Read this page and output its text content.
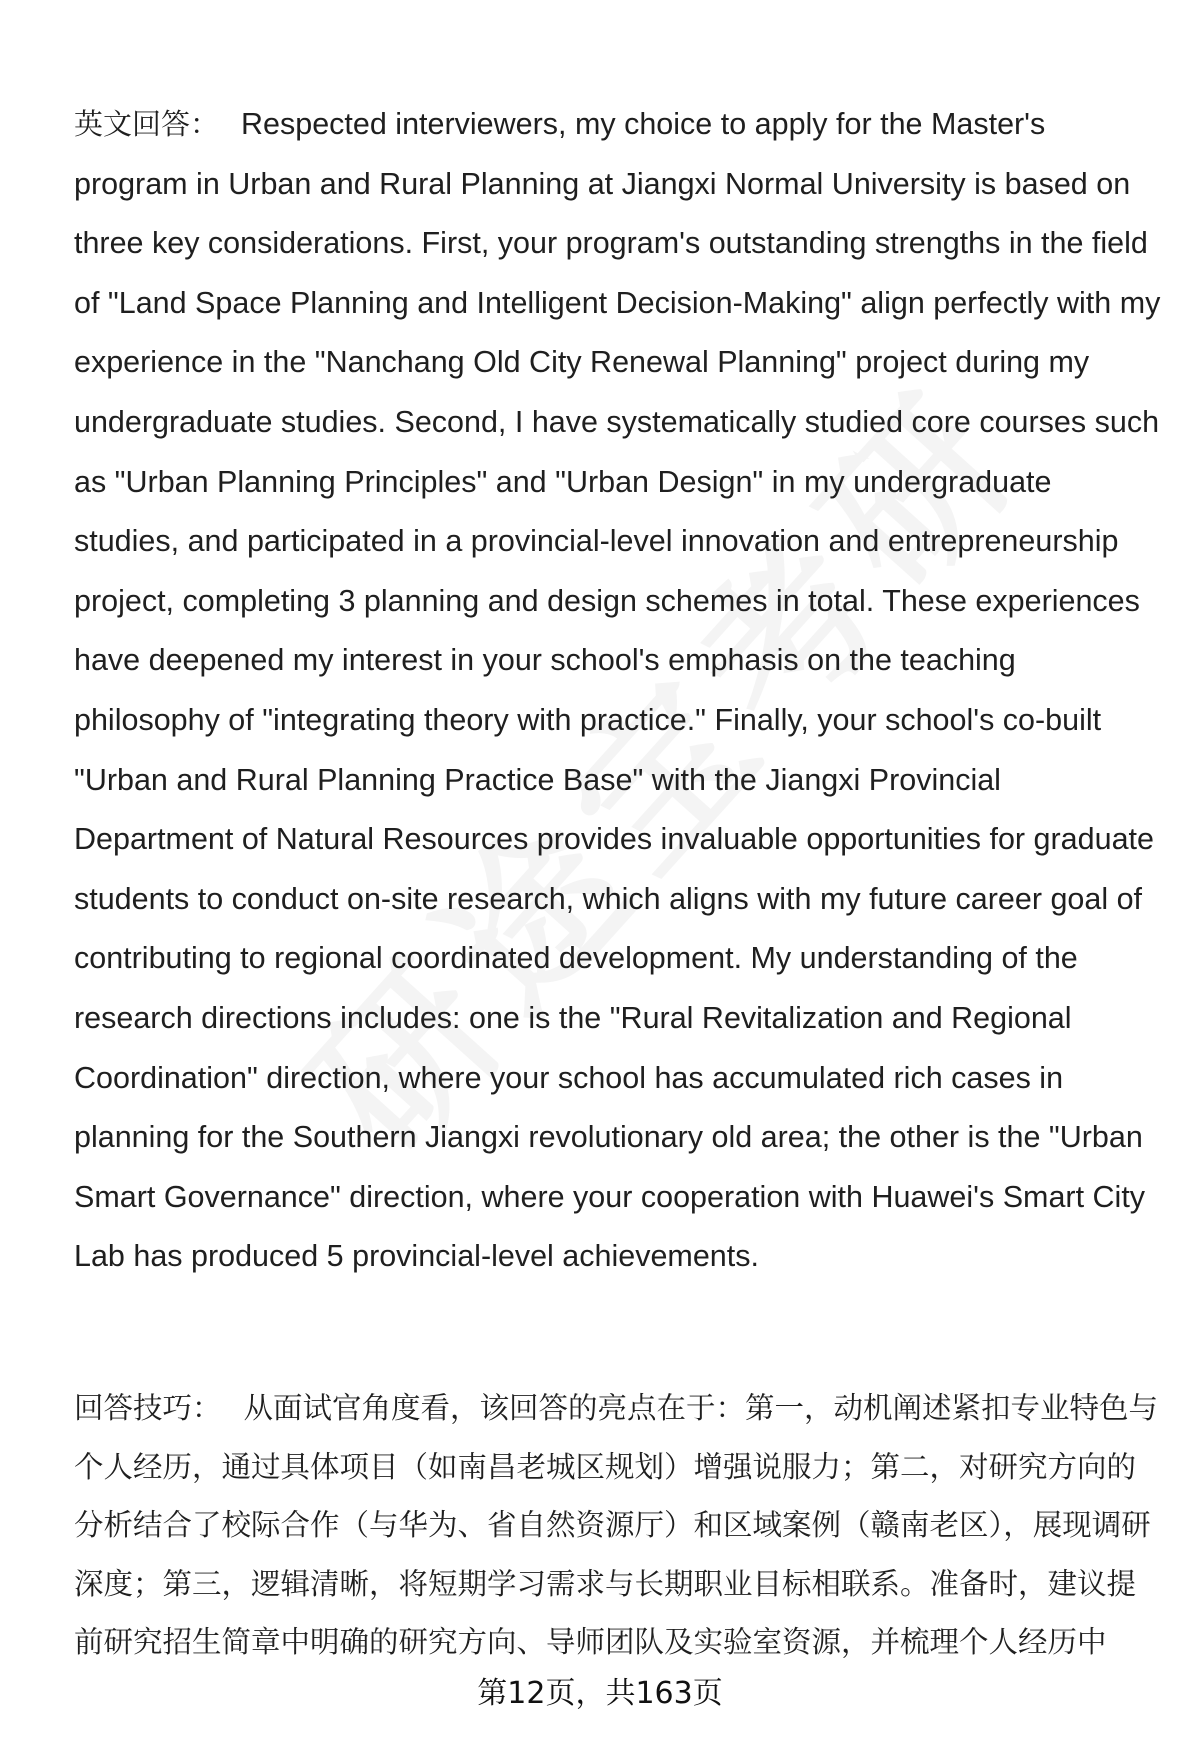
英文回答： Respected interviewers, my choice to apply for the Master's program in Urban and Rural Planning at Jiangxi Normal University is based on three key considerations. First, your program's outstanding strengths in the field of "Land Space Planning and Intelligent Decision-Making" align perfectly with my experience in the "Nanchang Old City Renewal Planning" project during my undergraduate studies. Second, I have systematically studied core courses such as "Urban Planning Principles" and "Urban Design" in my undergraduate studies, and participated in a provincial-level innovation and entrepreneurship project, completing 3 planning and design schemes in total. These experiences have deepened my interest in your school's emphasis on the teaching philosophy of "integrating theory with practice." Finally, your school's co-built "Urban and Rural Planning Practice Base" with the Jiangxi Provincial Department of Natural Resources provides invaluable opportunities for graduate students to conduct on-site research, which aligns with my future career goal of contributing to regional coordinated development. My understanding of the research directions includes: one is the "Rural Revitalization and Regional Coordination" direction, where your school has accumulated rich cases in planning for the Southern Jiangxi revolutionary old area; the other is the "Urban Smart Governance" direction, where your cooperation with Huawei's Smart City Lab has produced 5 provincial-level achievements.
回答技巧： 从面试官角度看，该回答的亮点在于：第一，动机阐述紧扣专业特色与个人经历，通过具体项目（如南昌老城区规划）增强说服力；第二，对研究方向的分析结合了校际合作（与华为、省自然资源厅）和区域案例（赣南老区），展现调研深度；第三，逻辑清晰，将短期学习需求与长期职业目标相联系。准备时，建议提前研究招生简章中明确的研究方向、导师团队及实验室资源，并梳理个人经历中
第12页，共163页
